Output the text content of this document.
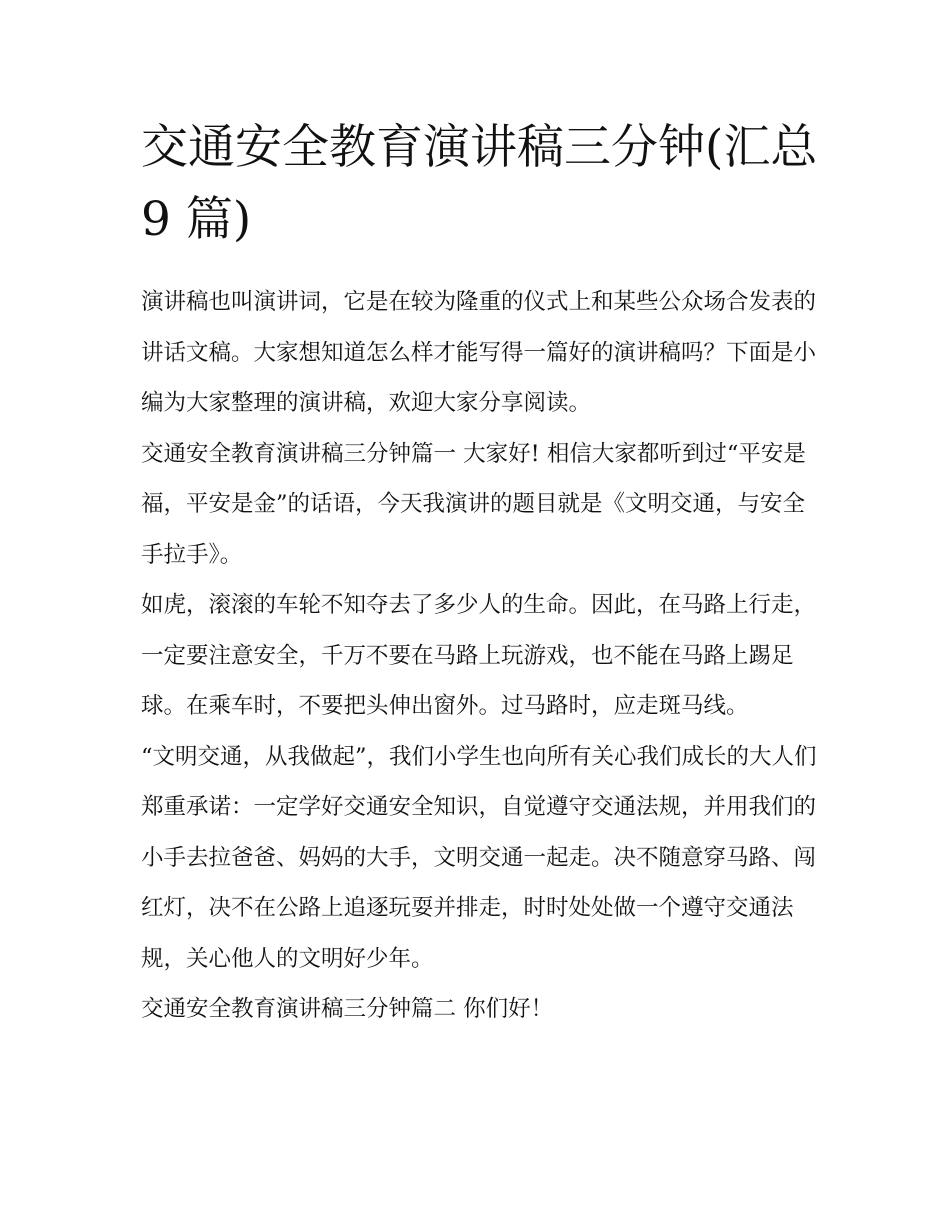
交通安全教育演讲稿三分钟(汇总 9 篇)

演讲稿也叫演讲词，它是在较为隆重的仪式上和某些公众场合发表的讲话文稿。大家想知道怎么样才能写得一篇好的演讲稿吗？下面是小编为大家整理的演讲稿，欢迎大家分享阅读。

交通安全教育演讲稿三分钟篇一 大家好! 相信大家都听到过“平安是福，平安是金”的话语，今天我演讲的题目就是《文明交通，与安全手拉手》。

如虎，滚滚的车轮不知夺去了多少人的生命。因此，在马路上行走，一定要注意安全，千万不要在马路上玩游戏，也不能在马路上踢足球。在乘车时，不要把头伸出窗外。过马路时，应走斑马线。

“文明交通，从我做起”，我们小学生也向所有关心我们成长的大人们郑重承诺：一定学好交通安全知识，自觉遵守交通法规，并用我们的小手去拉爸爸、妈妈的大手，文明交通一起走。决不随意穿马路、闯红灯，决不在公路上追逐玩耍并排走，时时处处做一个遵守交通法规，关心他人的文明好少年。

交通安全教育演讲稿三分钟篇二 你们好！
